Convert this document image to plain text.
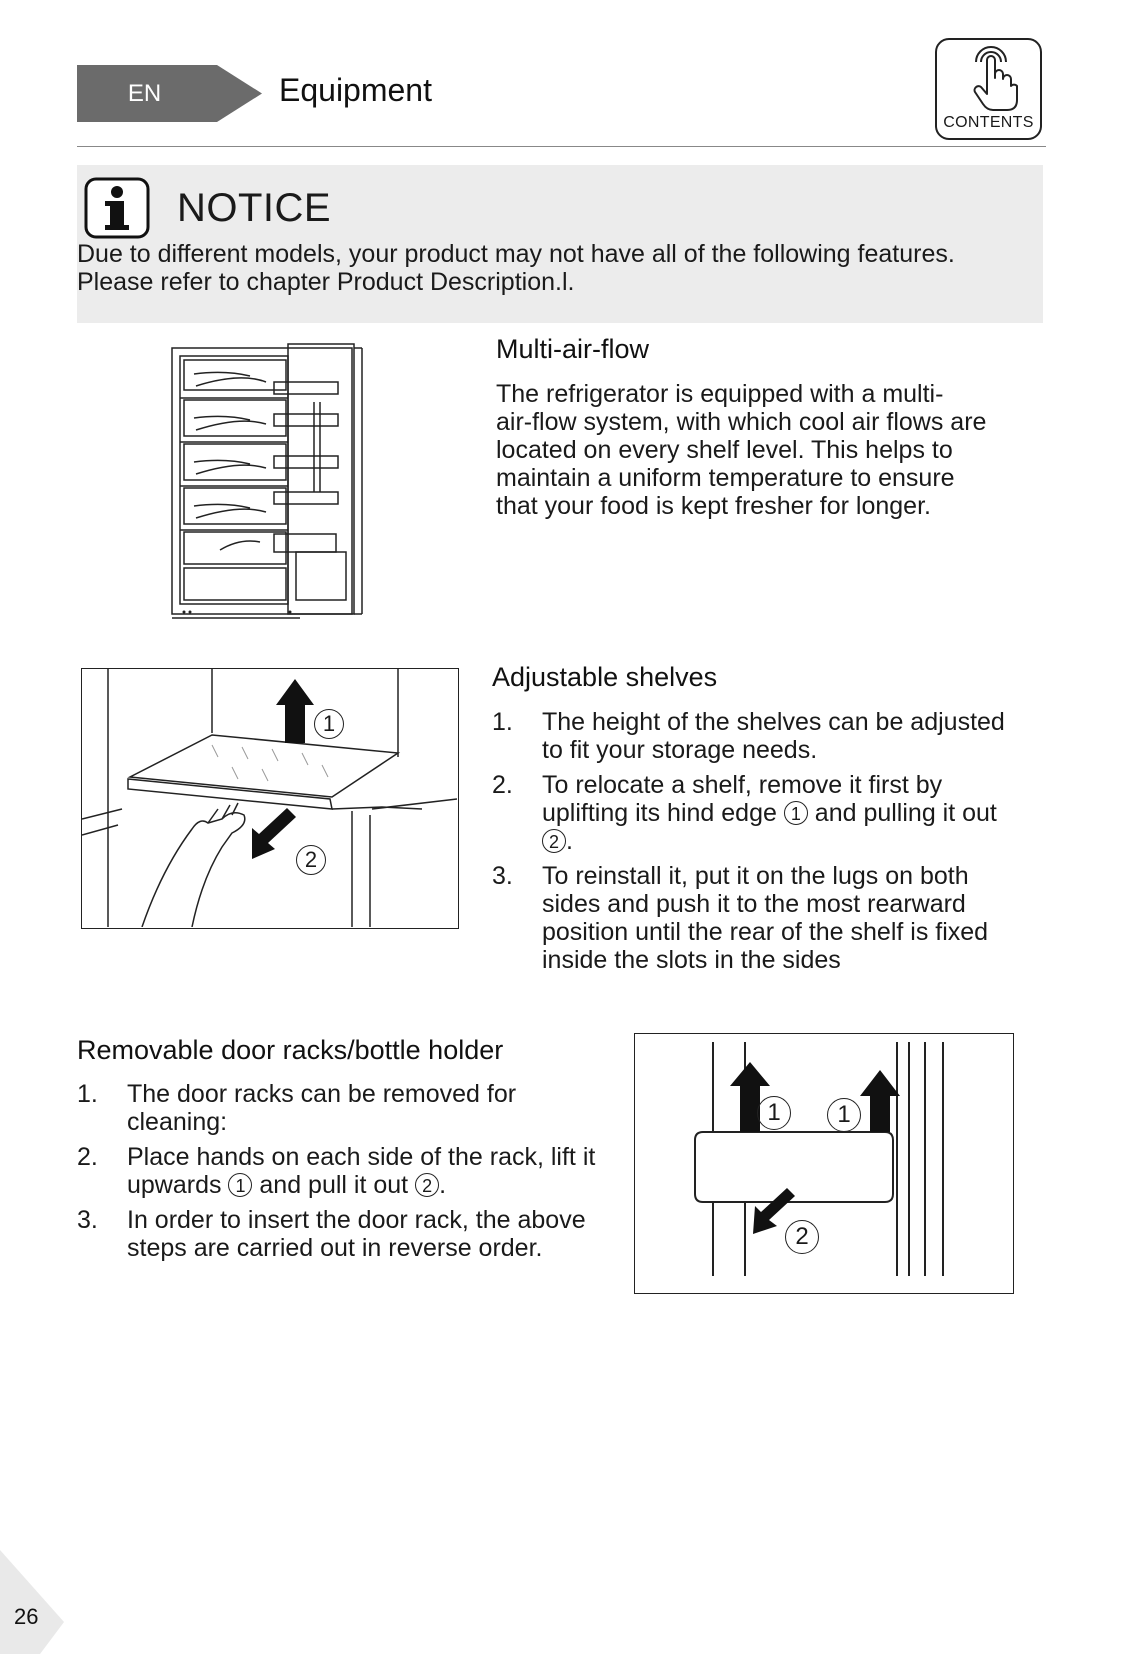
EN	Equipment
CONTENTS
NOTICE
Due to different models, your product may not have all of the following features.
Please refer to chapter Product Description.l.
Multi-air-flow
The refrigerator is equipped with a multi-
air-flow system, with which cool air flows are
located on every shelf level. This helps to
maintain a uniform temperature to ensure
that your food is kept fresher for longer.
1
2
Adjustable shelves
1. The height of the shelves can be adjusted to fit your storage needs.
2. To relocate a shelf, remove it first by uplifting its hind edge 1 and pulling it out 2 .
3. To reinstall it, put it on the lugs on both sides and push it to the most rearward position until the rear of the shelf is fixed inside the slots in the sides
Removable door racks/bottle holder
1. The door racks can be removed for cleaning:
2. Place hands on each side of the rack, lift it upwards 1 and pull it out 2 .
3. In order to insert the door rack, the above steps are carried out in reverse order.
1	1
2
26
